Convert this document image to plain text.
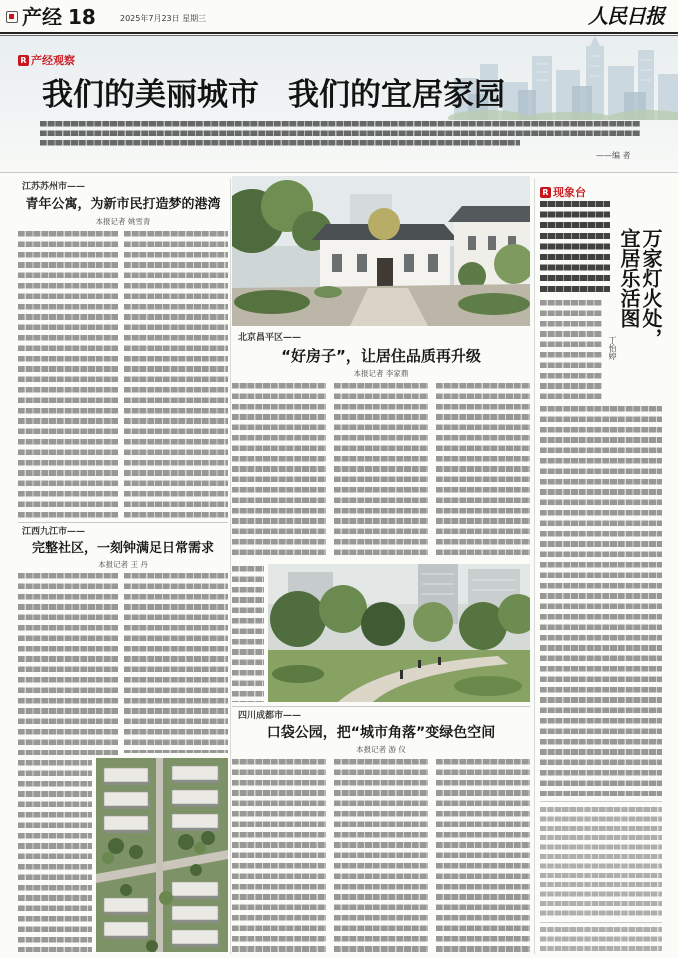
产经 18	2025年7月23日 星期三	人民日报
R 产经观察
我们的美丽城市 我们的宜居家园
——编 者
江苏苏州市——
青年公寓，为新市民打造梦的港湾
本报记者 姚雪青
江西九江市——
完整社区，一刻钟满足日常需求
本报记者 王 丹
北京昌平区——
“好房子”，让居住品质再升级
本报记者 李家鼎
四川成都市——
口袋公园，把“城市角落”变绿色空间
本报记者 游 仪
R 现象台
万家灯火处，宜居乐活图
丁怡婷
